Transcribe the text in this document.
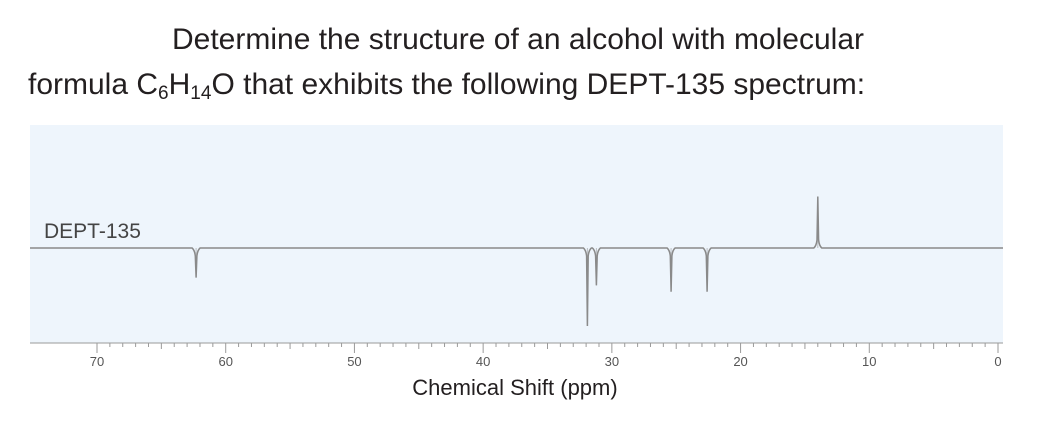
Determine the structure of an alcohol with molecular
formula $C_6H_{14}O$ that exhibits the following DEPT-135 spectrum:
DEPT-135
70	60	50	40	30	20	10	0
Chemical Shift (ppm)
